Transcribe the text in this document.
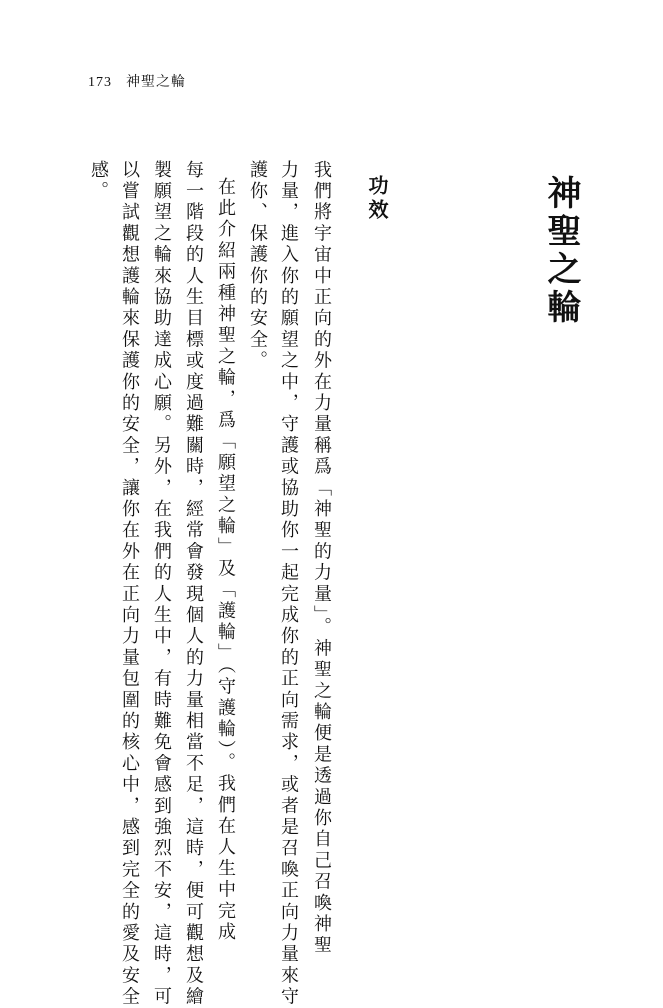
173 神聖之輪
神聖之輪
功效
我們將宇宙中正向的外在力量稱爲「神聖的力量」。神聖之輪便是透過你自己召喚神聖
力量，進入你的願望之中，守護或協助你一起完成你的正向需求，或者是召喚正向力量來守
護你、保護你的安全。
在此介紹兩種神聖之輪，爲「願望之輪」及「護輪」（守護輪）。我們在人生中完成
每一階段的人生目標或度過難關時，經常會發現個人的力量相當不足，這時，便可觀想及繪
製願望之輪來協助達成心願。另外，在我們的人生中，有時難免會感到強烈不安，這時，可
以嘗試觀想護輪來保護你的安全，讓你在外在正向力量包圍的核心中，感到完全的愛及安全
感。
